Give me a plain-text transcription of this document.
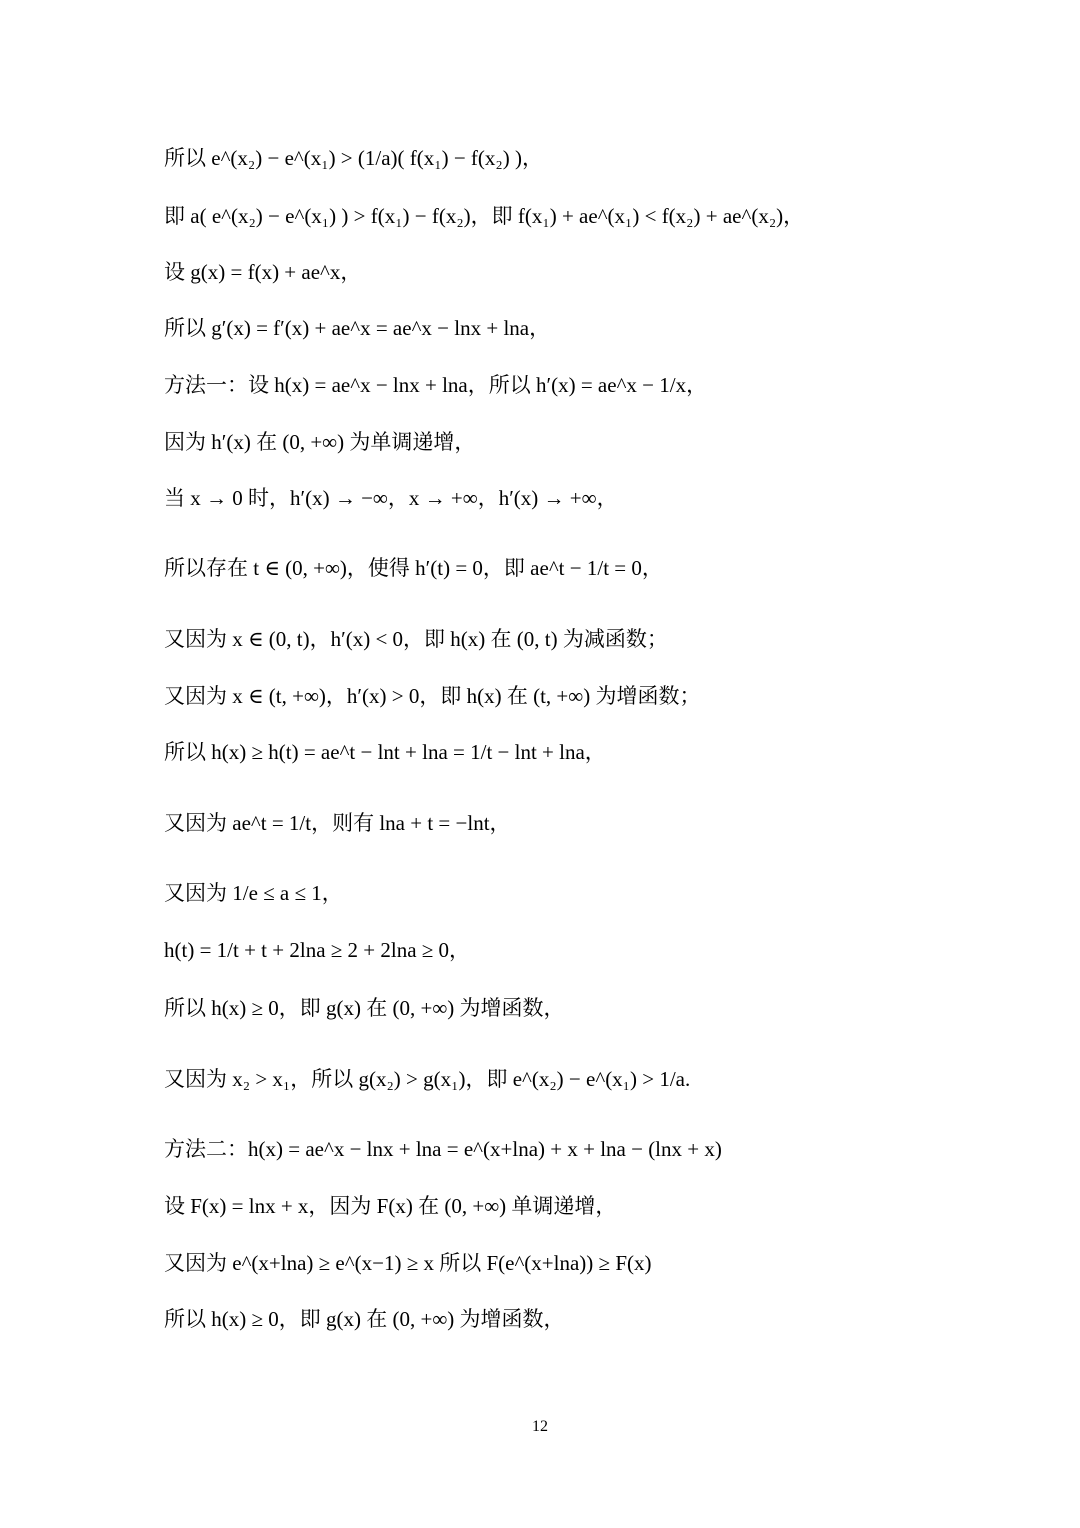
所以 e^(x₂) − e^(x₁) > (1/a)( f(x₁) − f(x₂) )，
即 a( e^(x₂) − e^(x₁) ) > f(x₁) − f(x₂)，即 f(x₁) + ae^(x₁) < f(x₂) + ae^(x₂)，
设 g(x) = f(x) + ae^x，
所以 g′(x) = f′(x) + ae^x = ae^x − lnx + lna，
方法一：设 h(x) = ae^x − lnx + lna，所以 h′(x) = ae^x − 1/x，
因为 h′(x) 在 (0, +∞) 为单调递增，
当 x → 0 时，h′(x) → −∞，x → +∞，h′(x) → +∞，
所以存在 t ∈ (0, +∞)，使得 h′(t) = 0，即 ae^t − 1/t = 0，
又因为 x ∈ (0, t)，h′(x) < 0，即 h(x) 在 (0, t) 为减函数；
又因为 x ∈ (t, +∞)，h′(x) > 0，即 h(x) 在 (t, +∞) 为增函数；
所以 h(x) ≥ h(t) = ae^t − lnt + lna = 1/t − lnt + lna，
又因为 ae^t = 1/t，则有 lna + t = −lnt，
又因为 1/e ≤ a ≤ 1，
h(t) = 1/t + t + 2lna ≥ 2 + 2lna ≥ 0，
所以 h(x) ≥ 0，即 g(x) 在 (0, +∞) 为增函数，
又因为 x₂ > x₁，所以 g(x₂) > g(x₁)，即 e^(x₂) − e^(x₁) > 1/a.
方法二：h(x) = ae^x − lnx + lna = e^(x+lna) + x + lna − (lnx + x)
设 F(x) = lnx + x，因为 F(x) 在 (0, +∞) 单调递增，
又因为 e^(x+lna) ≥ e^(x−1) ≥ x 所以 F(e^(x+lna)) ≥ F(x)
所以 h(x) ≥ 0，即 g(x) 在 (0, +∞) 为增函数，
12
